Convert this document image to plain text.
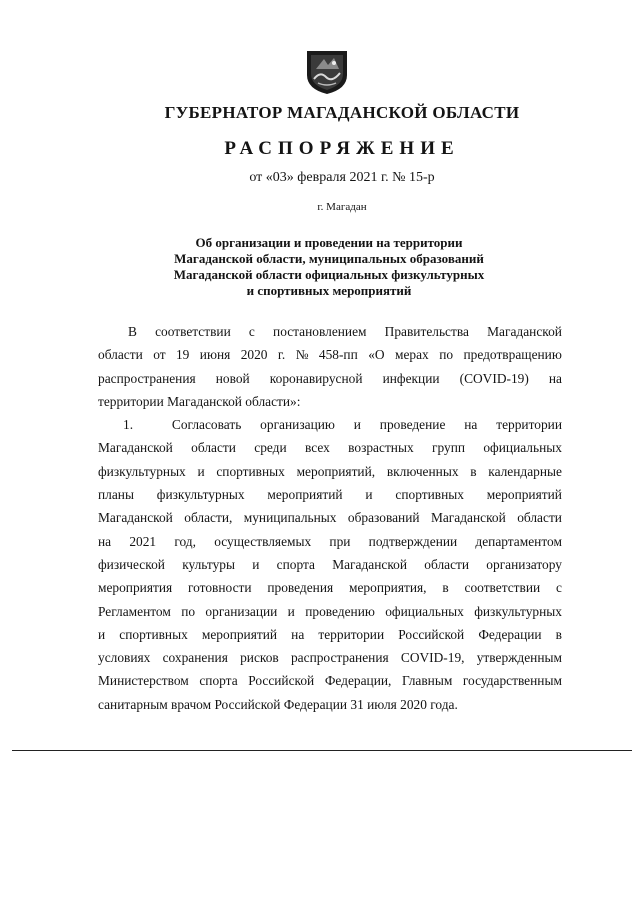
ГУБЕРНАТОР МАГАДАНСКОЙ ОБЛАСТИ
РАСПОРЯЖЕНИЕ
от «03» февраля 2021 г. № 15-р
г. Магадан
Об организации и проведении на территории
Магаданской области, муниципальных образований
Магаданской области официальных физкультурных
и спортивных мероприятий
В соответствии с постановлением Правительства Магаданской
области от 19 июня 2020 г. № 458-пп «О мерах по предотвращению
распространения новой коронавирусной инфекции (COVID-19) на
территории Магаданской области»:
1.	Согласовать организацию и проведение на территории
Магаданской области среди всех возрастных групп официальных
физкультурных и спортивных мероприятий, включенных в календарные
планы физкультурных мероприятий и спортивных мероприятий
Магаданской области, муниципальных образований Магаданской области
на 2021 год, осуществляемых при подтверждении департаментом
физической культуры и спорта Магаданской области организатору
мероприятия готовности проведения мероприятия, в соответствии с
Регламентом по организации и проведению официальных физкультурных
и спортивных мероприятий на территории Российской Федерации в
условиях сохранения рисков распространения COVID-19, утвержденным
Министерством спорта Российской Федерации, Главным государственным
санитарным врачом Российской Федерации 31 июля 2020 года.
